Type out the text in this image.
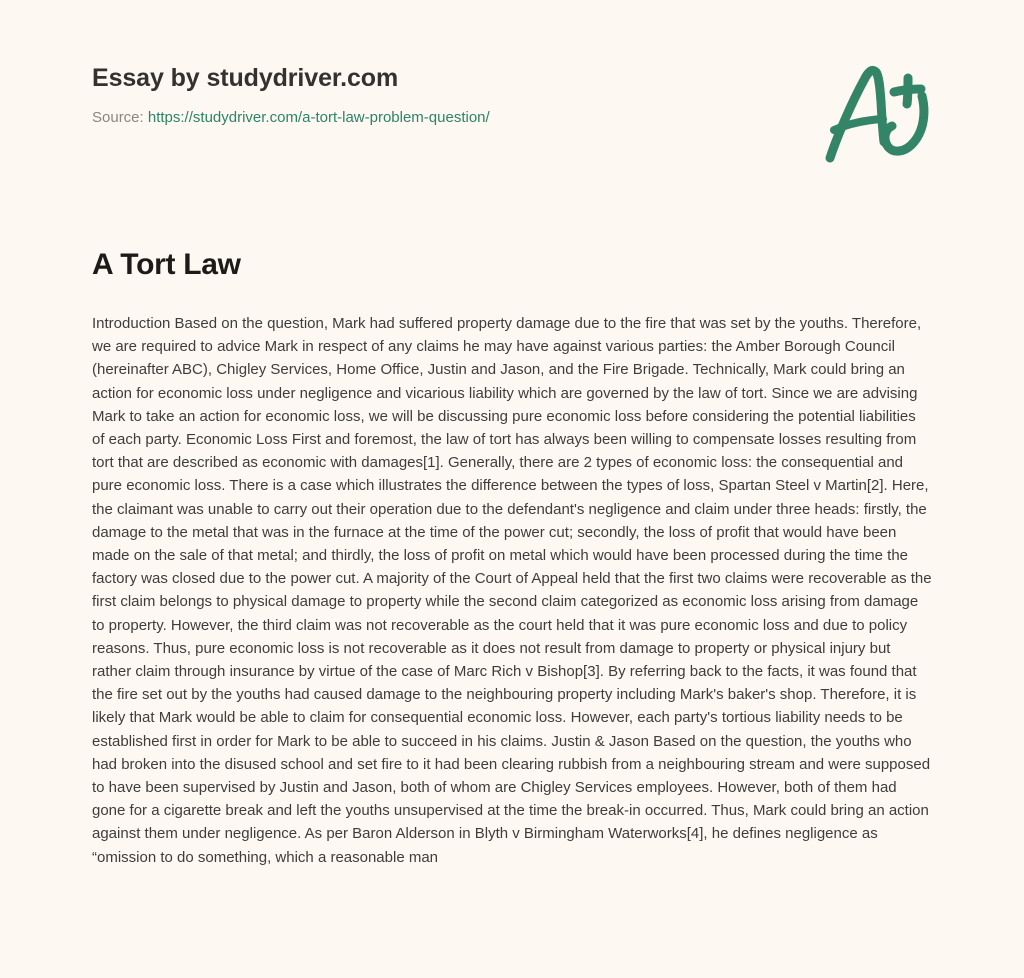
Essay by studydriver.com
Source: https://studydriver.com/a-tort-law-problem-question/
A Tort Law

Introduction Based on the question, Mark had suffered property damage due to the fire that was set by the youths. Therefore, we are required to advice Mark in respect of any claims he may have against various parties: the Amber Borough Council (hereinafter ABC), Chigley Services, Home Office, Justin and Jason, and the Fire Brigade. Technically, Mark could bring an action for economic loss under negligence and vicarious liability which are governed by the law of tort. Since we are advising Mark to take an action for economic loss, we will be discussing pure economic loss before considering the potential liabilities of each party. Economic Loss First and foremost, the law of tort has always been willing to compensate losses resulting from tort that are described as economic with damages[1]. Generally, there are 2 types of economic loss: the consequential and pure economic loss. There is a case which illustrates the difference between the types of loss, Spartan Steel v Martin[2]. Here, the claimant was unable to carry out their operation due to the defendant's negligence and claim under three heads: firstly, the damage to the metal that was in the furnace at the time of the power cut; secondly, the loss of profit that would have been made on the sale of that metal; and thirdly, the loss of profit on metal which would have been processed during the time the factory was closed due to the power cut. A majority of the Court of Appeal held that the first two claims were recoverable as the first claim belongs to physical damage to property while the second claim categorized as economic loss arising from damage to property. However, the third claim was not recoverable as the court held that it was pure economic loss and due to policy reasons. Thus, pure economic loss is not recoverable as it does not result from damage to property or physical injury but rather claim through insurance by virtue of the case of Marc Rich v Bishop[3]. By referring back to the facts, it was found that the fire set out by the youths had caused damage to the neighbouring property including Mark's baker's shop. Therefore, it is likely that Mark would be able to claim for consequential economic loss. However, each party's tortious liability needs to be established first in order for Mark to be able to succeed in his claims. Justin & Jason Based on the question, the youths who had broken into the disused school and set fire to it had been clearing rubbish from a neighbouring stream and were supposed to have been supervised by Justin and Jason, both of whom are Chigley Services employees. However, both of them had gone for a cigarette break and left the youths unsupervised at the time the break-in occurred. Thus, Mark could bring an action against them under negligence. As per Baron Alderson in Blyth v Birmingham Waterworks[4], he defines negligence as “omission to do something, which a reasonable man
